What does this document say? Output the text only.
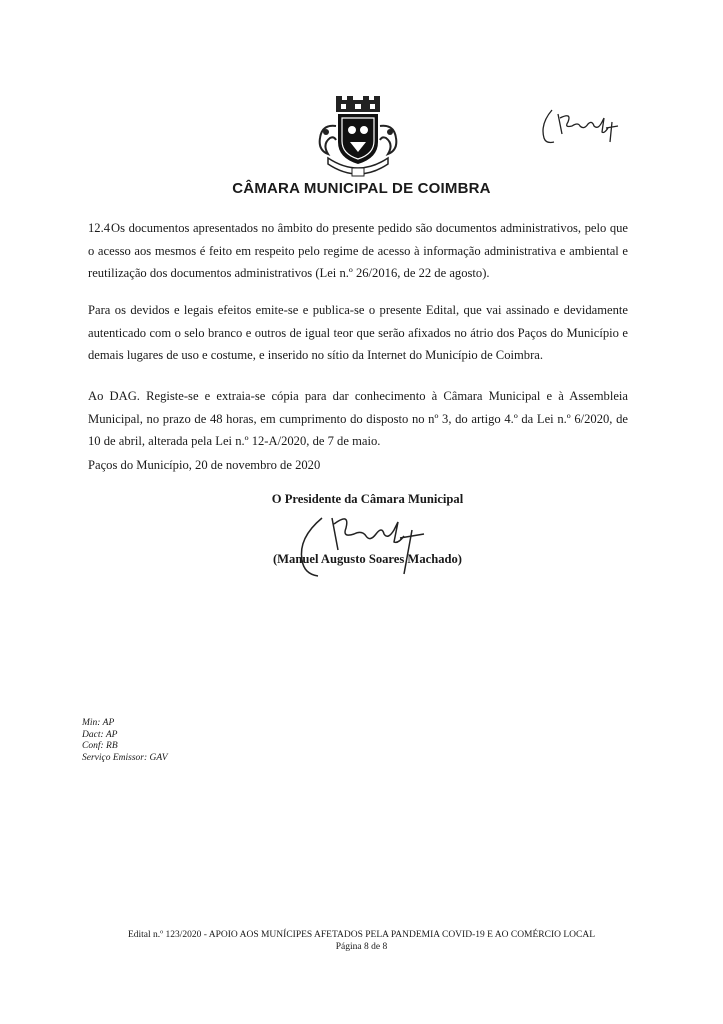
CÂMARA MUNICIPAL DE COIMBRA
12.4Os documentos apresentados no âmbito do presente pedido são documentos administrativos, pelo que o acesso aos mesmos é feito em respeito pelo regime de acesso à informação administrativa e ambiental e reutilização dos documentos administrativos (Lei n.º 26/2016, de 22 de agosto).
Para os devidos e legais efeitos emite-se e publica-se o presente Edital, que vai assinado e devidamente autenticado com o selo branco e outros de igual teor que serão afixados no átrio dos Paços do Município e demais lugares de uso e costume, e inserido no sítio da Internet do Município de Coimbra.
Ao DAG. Registe-se e extraia-se cópia para dar conhecimento à Câmara Municipal e à Assembleia Municipal, no prazo de 48 horas, em cumprimento do disposto no nº 3, do artigo 4.º da Lei n.º 6/2020, de 10 de abril, alterada pela Lei n.º 12-A/2020, de 7 de maio.
Paços do Município, 20 de novembro de 2020
O Presidente da Câmara Municipal
(Manuel Augusto Soares Machado)
Min: AP
Dact: AP
Conf: RB
Serviço Emissor: GAV
Edital n.º 123/2020 - APOIO AOS MUNÍCIPES AFETADOS PELA PANDEMIA COVID-19 E AO COMÉRCIO LOCAL
Página 8 de 8
